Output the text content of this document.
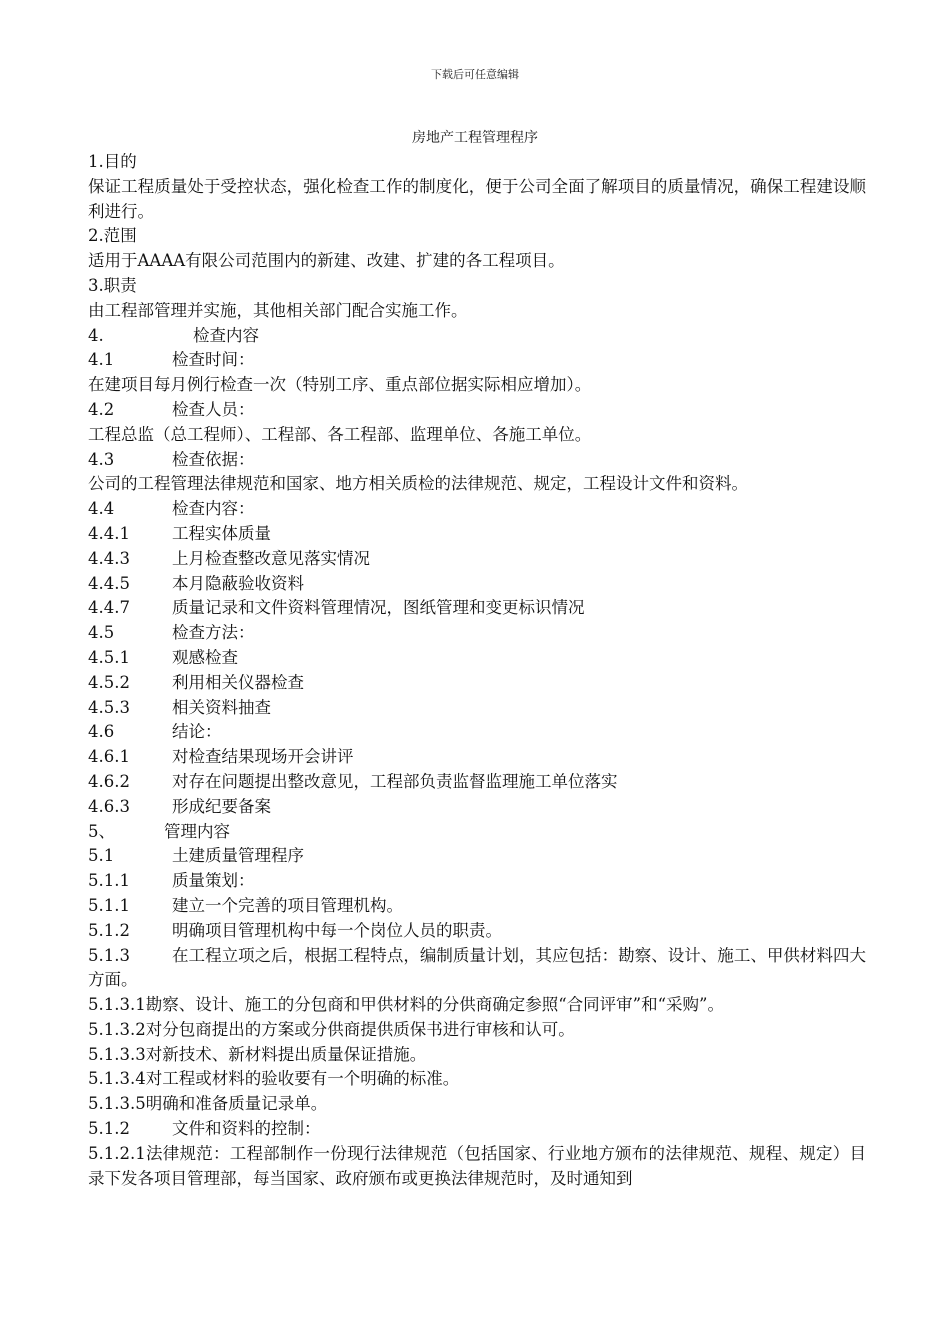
下载后可任意编辑
房地产工程管理程序
1.目的
保证工程质量处于受控状态，强化检查工作的制度化，便于公司全面了解项目的质量情况，确保工程建设顺利进行。
2.范围
适用于AAAA有限公司范围内的新建、改建、扩建的各工程项目。
3.职责
由工程部管理并实施，其他相关部门配合实施工作。
4.	检查内容
4.1	检查时间：
在建项目每月例行检查一次（特别工序、重点部位据实际相应增加）。
4.2	检查人员：
工程总监（总工程师）、工程部、各工程部、监理单位、各施工单位。
4.3	检查依据：
公司的工程管理法律规范和国家、地方相关质检的法律规范、规定，工程设计文件和资料。
4.4	检查内容：
4.4.1	工程实体质量
4.4.3	上月检查整改意见落实情况
4.4.5	本月隐蔽验收资料
4.4.7	质量记录和文件资料管理情况，图纸管理和变更标识情况
4.5	检查方法：
4.5.1	观感检查
4.5.2	利用相关仪器检查
4.5.3	相关资料抽查
4.6	结论：
4.6.1	对检查结果现场开会讲评
4.6.2	对存在问题提出整改意见，工程部负责监督监理施工单位落实
4.6.3	形成纪要备案
5、	管理内容
5.1	土建质量管理程序
5.1.1	质量策划：
5.1.1	建立一个完善的项目管理机构。
5.1.2	明确项目管理机构中每一个岗位人员的职责。
5.1.3	在工程立项之后，根据工程特点，编制质量计划，其应包括：勘察、设计、施工、甲供材料四大方面。
5.1.3.1勘察、设计、施工的分包商和甲供材料的分供商确定参照“合同评审”和“采购”。
5.1.3.2对分包商提出的方案或分供商提供质保书进行审核和认可。
5.1.3.3对新技术、新材料提出质量保证措施。
5.1.3.4对工程或材料的验收要有一个明确的标准。
5.1.3.5明确和准备质量记录单。
5.1.2	文件和资料的控制：
5.1.2.1法律规范：工程部制作一份现行法律规范（包括国家、行业地方颁布的法律规范、规程、规定）目录下发各项目管理部，每当国家、政府颁布或更换法律规范时，及时通知到
